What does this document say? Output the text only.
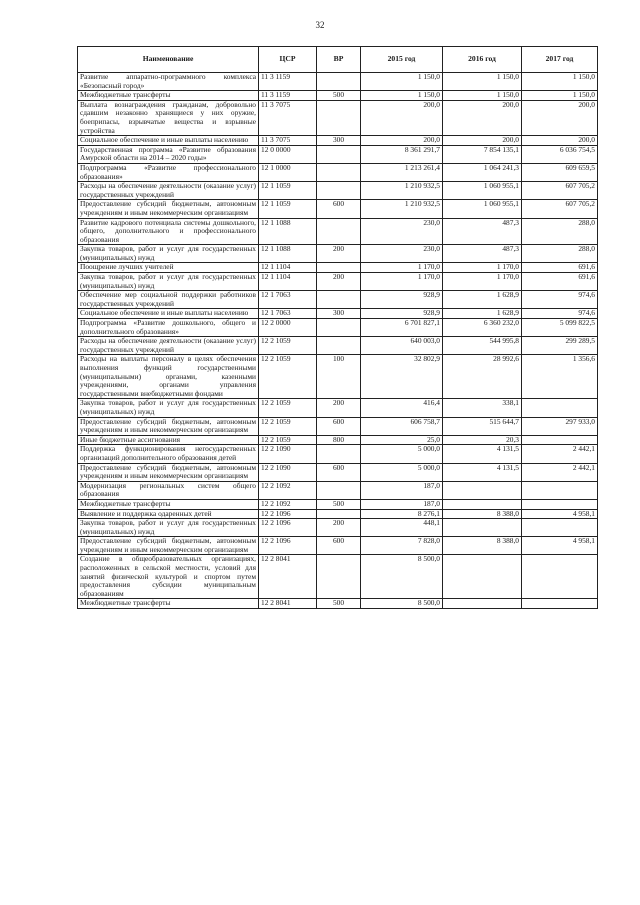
32
Наименование	ЦСР	ВР	2015 год	2016 год	2017 год
Развитие аппаратно-программного комплекса «Безопасный город»	11 3 1159		1 150,0	1 150,0	1 150,0
Межбюджетные трансферты	11 3 1159	500	1 150,0	1 150,0	1 150,0
Выплата вознаграждения гражданам, добровольно сдавшим незаконно хранящиеся у них оружие, боеприпасы, взрывчатые вещества и взрывные устройства	11 3 7075		200,0	200,0	200,0
Социальное обеспечение и иные выплаты населению	11 3 7075	300	200,0	200,0	200,0
Государственная программа «Развитие образования Амурской области на 2014 – 2020 годы»	12 0 0000		8 361 291,7	7 854 135,1	6 036 754,5
Подпрограмма «Развитие профессионального образования»	12 1 0000		1 213 261,4	1 064 241,3	609 659,5
Расходы на обеспечение деятельности (оказание услуг) государственных учреждений	12 1 1059		1 210 932,5	1 060 955,1	607 705,2
Предоставление субсидий бюджетным, автономным учреждениям и иным некоммерческим организациям	12 1 1059	600	1 210 932,5	1 060 955,1	607 705,2
Развитие кадрового потенциала системы дошкольного, общего, дополнительного и профессионального образования	12 1 1088		230,0	487,3	288,0
Закупка товаров, работ и услуг для государственных (муниципальных) нужд	12 1 1088	200	230,0	487,3	288,0
Поощрение лучших учителей	12 1 1104		1 170,0	1 170,0	691,6
Закупка товаров, работ и услуг для государственных (муниципальных) нужд	12 1 1104	200	1 170,0	1 170,0	691,6
Обеспечение мер социальной поддержки работников государственных учреждений	12 1 7063		928,9	1 628,9	974,6
Социальное обеспечение и иные выплаты населению	12 1 7063	300	928,9	1 628,9	974,6
Подпрограмма «Развитие дошкольного, общего и дополнительного образования»	12 2 0000		6 701 827,1	6 360 232,0	5 099 822,5
Расходы на обеспечение деятельности (оказание услуг) государственных учреждений	12 2 1059		640 003,0	544 995,8	299 289,5
Расходы на выплаты персоналу в целях обеспечения выполнения функций государственными (муниципальными) органами, казенными учреждениями, органами управления государственными внебюджетными фондами	12 2 1059	100	32 802,9	28 992,6	1 356,6
Закупка товаров, работ и услуг для государственных (муниципальных) нужд	12 2 1059	200	416,4	338,1	
Предоставление субсидий бюджетным, автономным учреждениям и иным некоммерческим организациям	12 2 1059	600	606 758,7	515 644,7	297 933,0
Иные бюджетные ассигнования	12 2 1059	800	25,0	20,3	
Поддержка функционирования негосударственных организаций дополнительного образования детей	12 2 1090		5 000,0	4 131,5	2 442,1
Предоставление субсидий бюджетным, автономным учреждениям и иным некоммерческим организациям	12 2 1090	600	5 000,0	4 131,5	2 442,1
Модернизация региональных систем общего образования	12 2 1092		187,0		
Межбюджетные трансферты	12 2 1092	500	187,0		
Выявление и поддержка одаренных детей	12 2 1096		8 276,1	8 388,0	4 958,1
Закупка товаров, работ и услуг для государственных (муниципальных) нужд	12 2 1096	200	448,1		
Предоставление субсидий бюджетным, автономным учреждениям и иным некоммерческим организациям	12 2 1096	600	7 828,0	8 388,0	4 958,1
Создание в общеобразовательных организациях, расположенных в сельской местности, условий для занятий физической культурой и спортом путем предоставления субсидии муниципальным образованиям	12 2 8041		8 500,0		
Межбюджетные трансферты	12 2 8041	500	8 500,0		
